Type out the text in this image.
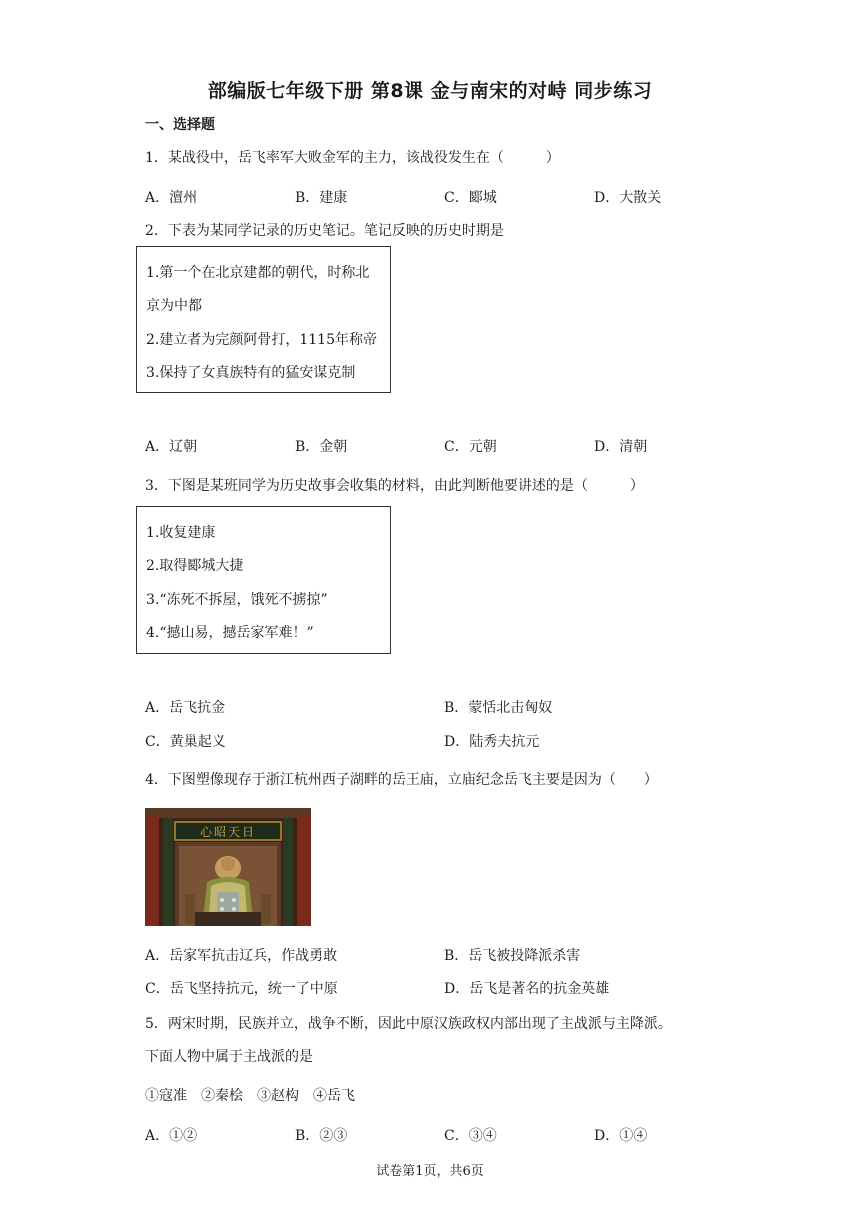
部编版七年级下册 第8课 金与南宋的对峙 同步练习
一、选择题
1．某战役中，岳飞率军大败金军的主力，该战役发生在（　　　）
A．澶州	B．建康	C．郾城	D．大散关
2．下表为某同学记录的历史笔记。笔记反映的历史时期是
1.第一个在北京建都的朝代，时称北
京为中都
2.建立者为完颜阿骨打，1115年称帝
3.保持了女真族特有的猛安谋克制
A．辽朝	B．金朝	C．元朝	D．清朝
3．下图是某班同学为历史故事会收集的材料，由此判断他要讲述的是（　　　）
1.收复建康
2.取得郾城大捷
3.“冻死不拆屋，饿死不掳掠”
4.“撼山易，撼岳家军难！”
A．岳飞抗金	B．蒙恬北击匈奴
C．黄巢起义	D．陆秀夫抗元
4．下图塑像现存于浙江杭州西子湖畔的岳王庙，立庙纪念岳飞主要是因为（　　）
心昭天日
A．岳家军抗击辽兵，作战勇敢	B．岳飞被投降派杀害
C．岳飞坚持抗元，统一了中原	D．岳飞是著名的抗金英雄
5．两宋时期，民族并立，战争不断，因此中原汉族政权内部出现了主战派与主降派。
下面人物中属于主战派的是
①寇准　②秦桧　③赵构　④岳飞
A．①②	B．②③	C．③④	D．①④
试卷第1页，共6页
